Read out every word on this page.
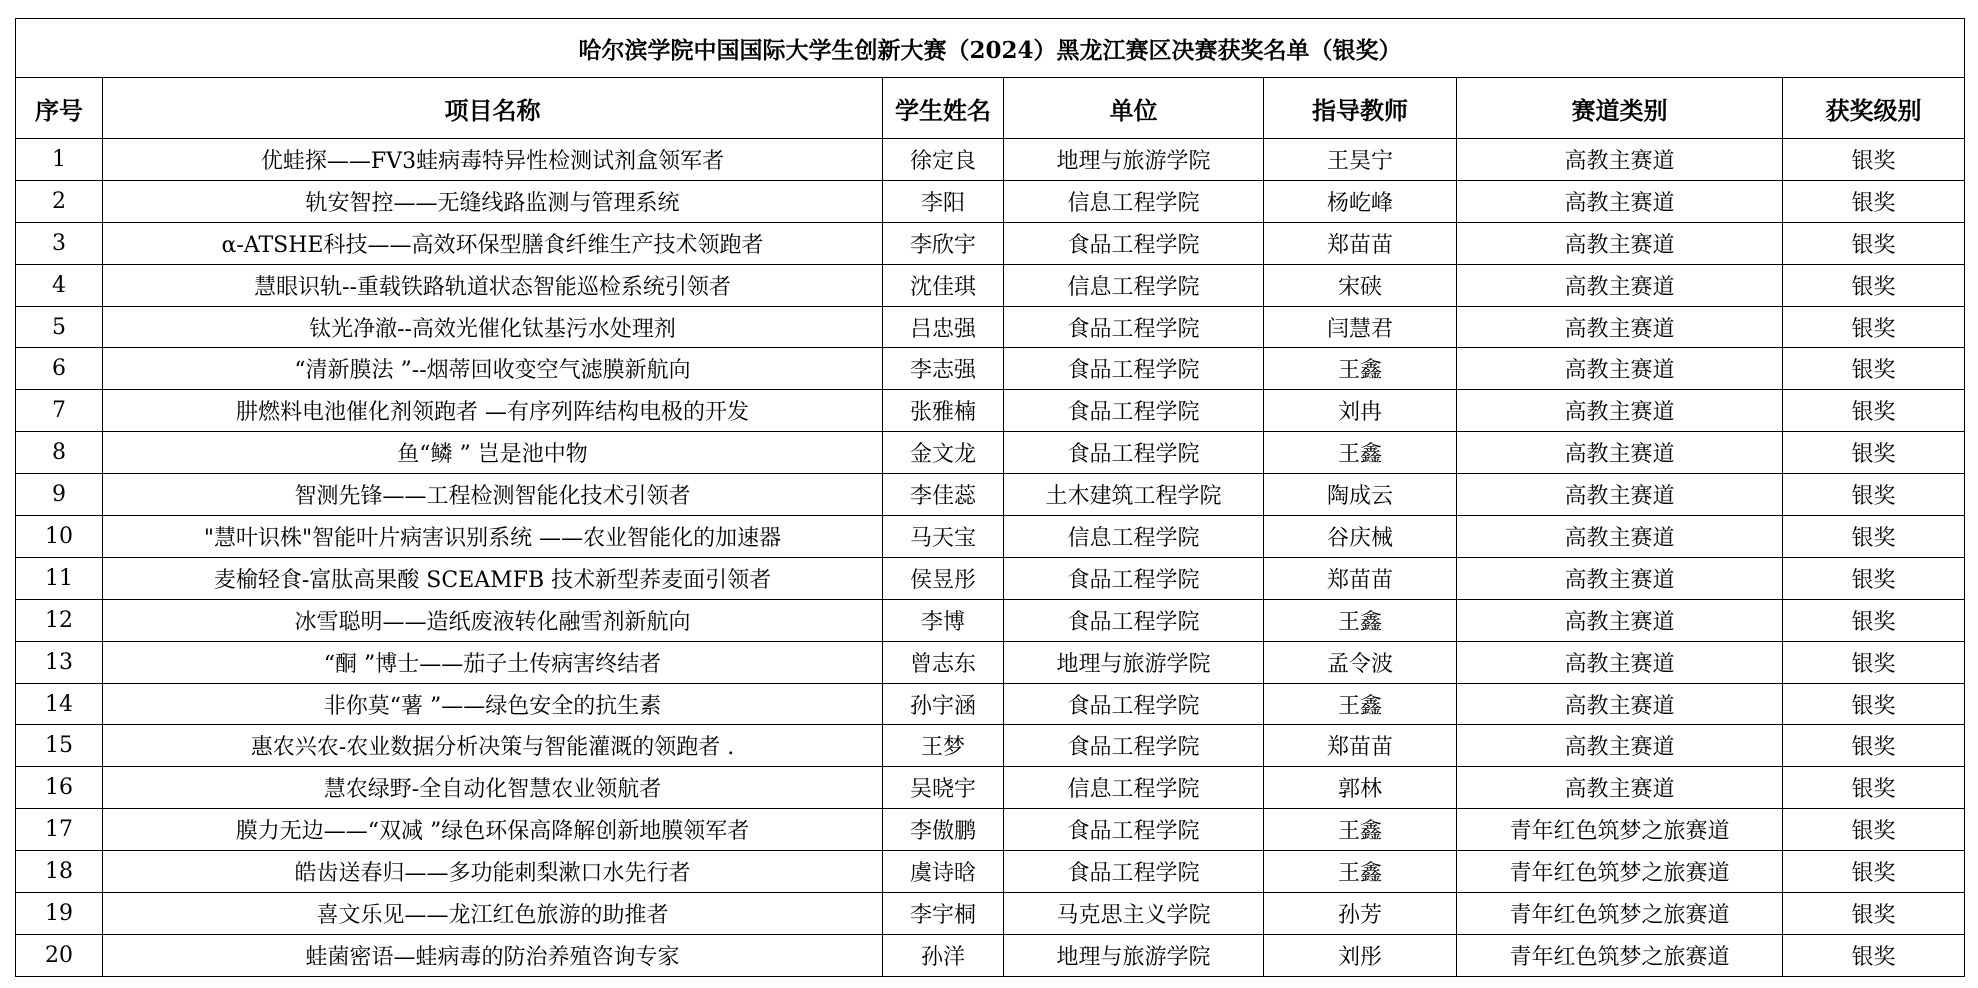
哈尔滨学院中国国际大学生创新大赛（2024）黑龙江赛区决赛获奖名单（银奖）						
序号	项目名称	学生姓名	单位	指导教师	赛道类别	获奖级别
1	优蛙探——FV3蛙病毒特异性检测试剂盒领军者	徐定良	地理与旅游学院	王昊宁	高教主赛道	银奖
2	轨安智控——无缝线路监测与管理系统	李阳	信息工程学院	杨屹峰	高教主赛道	银奖
3	α-ATSHE科技——高效环保型膳食纤维生产技术领跑者	李欣宇	食品工程学院	郑苗苗	高教主赛道	银奖
4	慧眼识轨--重载铁路轨道状态智能巡检系统引领者	沈佳琪	信息工程学院	宋硖	高教主赛道	银奖
5	钛光净澈--高效光催化钛基污水处理剂	吕忠强	食品工程学院	闫慧君	高教主赛道	银奖
6	“清新膜法 ”--烟蒂回收变空气滤膜新航向	李志强	食品工程学院	王鑫	高教主赛道	银奖
7	肼燃料电池催化剂领跑者 —有序列阵结构电极的开发	张雅楠	食品工程学院	刘冉	高教主赛道	银奖
8	鱼“鳞 ” 岂是池中物	金文龙	食品工程学院	王鑫	高教主赛道	银奖
9	智测先锋——工程检测智能化技术引领者	李佳蕊	土木建筑工程学院	陶成云	高教主赛道	银奖
10	"慧叶识株"智能叶片病害识别系统 ——农业智能化的加速器	马天宝	信息工程学院	谷庆械	高教主赛道	银奖
11	麦榆轻食-富肽高果酸 SCEAMFB 技术新型荞麦面引领者	侯昱彤	食品工程学院	郑苗苗	高教主赛道	银奖
12	冰雪聪明——造纸废液转化融雪剂新航向	李博	食品工程学院	王鑫	高教主赛道	银奖
13	“酮 ”博士——茄子土传病害终结者	曾志东	地理与旅游学院	孟令波	高教主赛道	银奖
14	非你莫“薯 ”——绿色安全的抗生素	孙宇涵	食品工程学院	王鑫	高教主赛道	银奖
15	惠农兴农-农业数据分析决策与智能灌溉的领跑者 .	王梦	食品工程学院	郑苗苗	高教主赛道	银奖
16	慧农绿野-全自动化智慧农业领航者	吴晓宇	信息工程学院	郭林	高教主赛道	银奖
17	膜力无边——“双减 ”绿色环保高降解创新地膜领军者	李傲鹏	食品工程学院	王鑫	青年红色筑梦之旅赛道	银奖
18	皓齿送春归——多功能刺梨漱口水先行者	虞诗晗	食品工程学院	王鑫	青年红色筑梦之旅赛道	银奖
19	喜文乐见——龙江红色旅游的助推者	李宇桐	马克思主义学院	孙芳	青年红色筑梦之旅赛道	银奖
20	蛙菌密语—蛙病毒的防治养殖咨询专家	孙洋	地理与旅游学院	刘彤	青年红色筑梦之旅赛道	银奖
